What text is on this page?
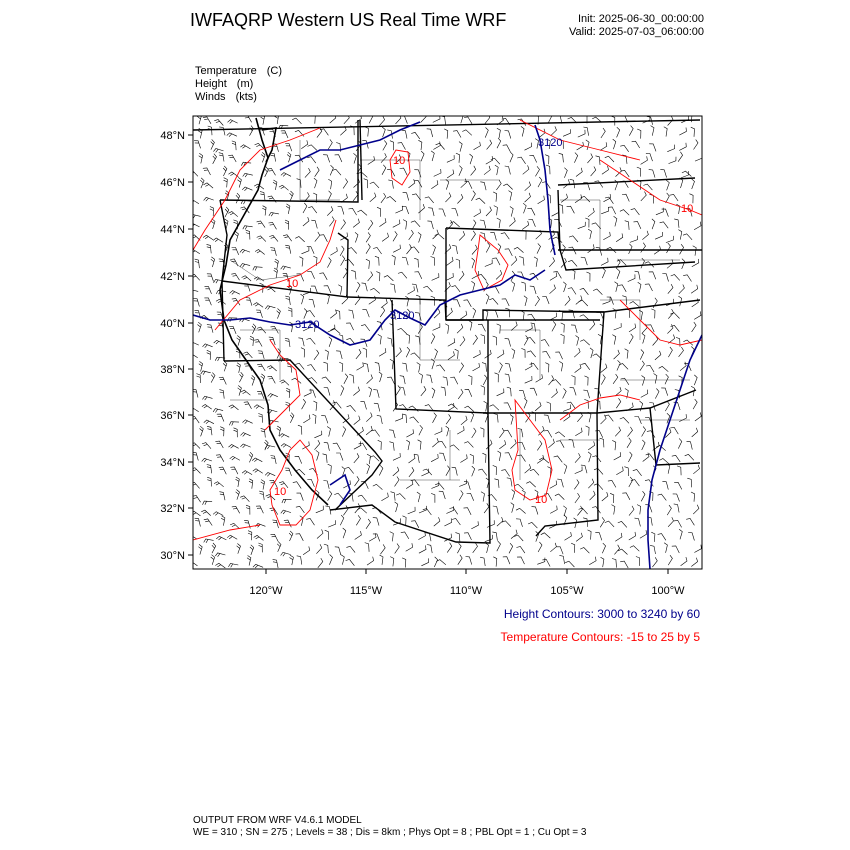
IWFAQRP Western US Real Time WRF	Init: 2025-06-30_00:00:00
Valid: 2025-07-03_06:00:00
Temperature (C)
Height (m)
Winds (kts)
3120
3120
3120
10
10
10
10
10
48°N
46°N
44°N
42°N
40°N
38°N
36°N
34°N
32°N
30°N
120°W	115°W	110°W	105°W	100°W
Height Contours: 3000 to 3240 by 60
Temperature Contours: -15 to 25 by 5
OUTPUT FROM WRF V4.6.1 MODEL
WE = 310 ; SN = 275 ; Levels = 38 ; Dis = 8km ; Phys Opt = 8 ; PBL Opt = 1 ; Cu Opt = 3
